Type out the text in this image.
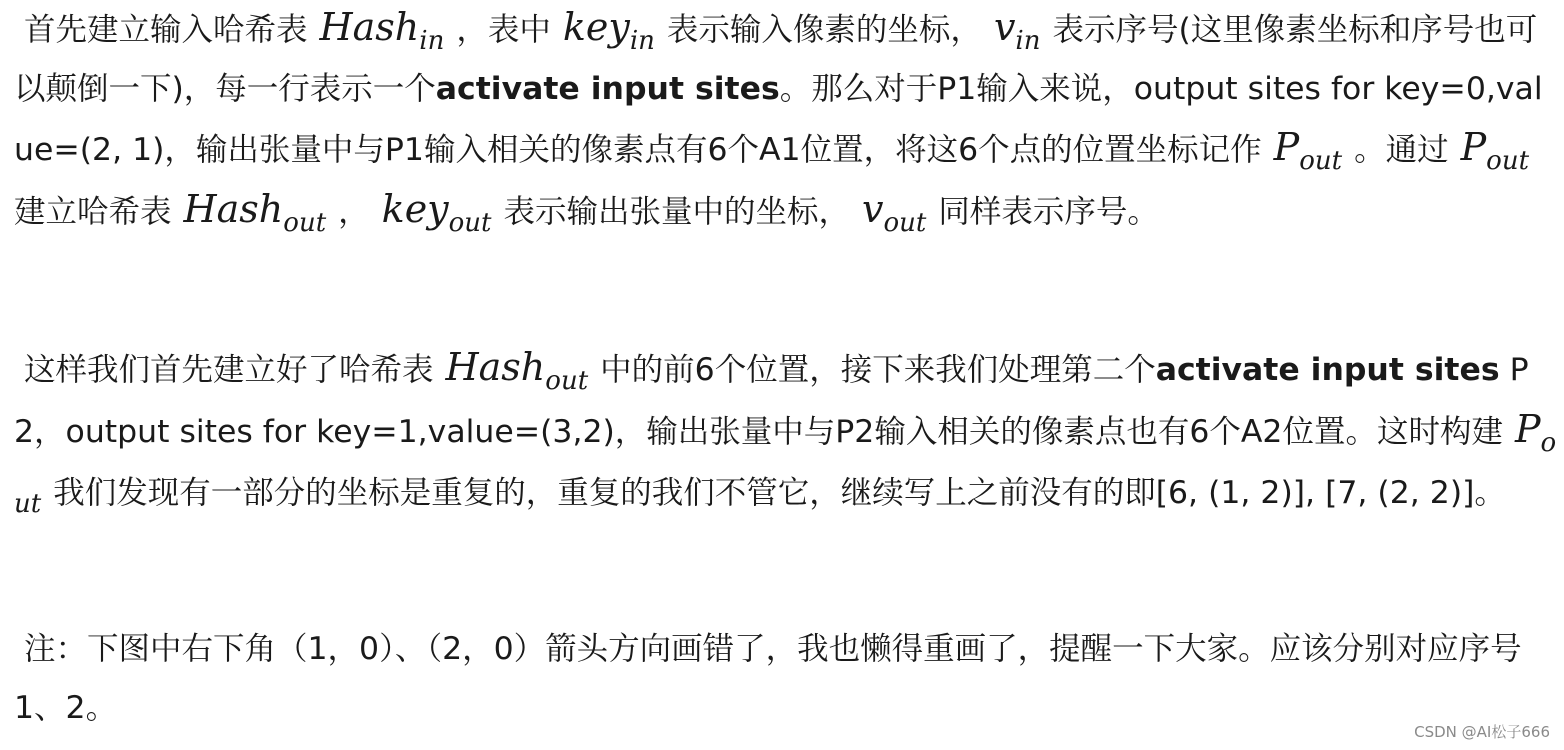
首先建立输入哈希表 Hash$_{in}$ ，表中 key$_{in}$ 表示输入像素的坐标， $v_{in}$ 表示序号(这里像素坐标和序号也可以颠倒一下)，每一行表示一个activate input sites。那么对于P1输入来说，output sites for key=0,value=(2, 1)，输出张量中与P1输入相关的像素点有6个A1位置，将这6个点的位置坐标记作 $P_{out}$ 。通过 $P_{out}$建立哈希表 Hash$_{out}$ ， key$_{out}$ 表示输出张量中的坐标， $v_{out}$ 同样表示序号。

这样我们首先建立好了哈希表 Hash$_{out}$ 中的前6个位置，接下来我们处理第二个activate input sites P2，output sites for key=1,value=(3,2)，输出张量中与P2输入相关的像素点也有6个A2位置。这时构建 $P_{out}$ 我们发现有一部分的坐标是重复的，重复的我们不管它，继续写上之前没有的即[6, (1, 2)], [7, (2, 2)]。

注：下图中右下角（1，0）、（2，0）箭头方向画错了，我也懒得重画了，提醒一下大家。应该分别对应序号1、2。

CSDN @AI松子666
